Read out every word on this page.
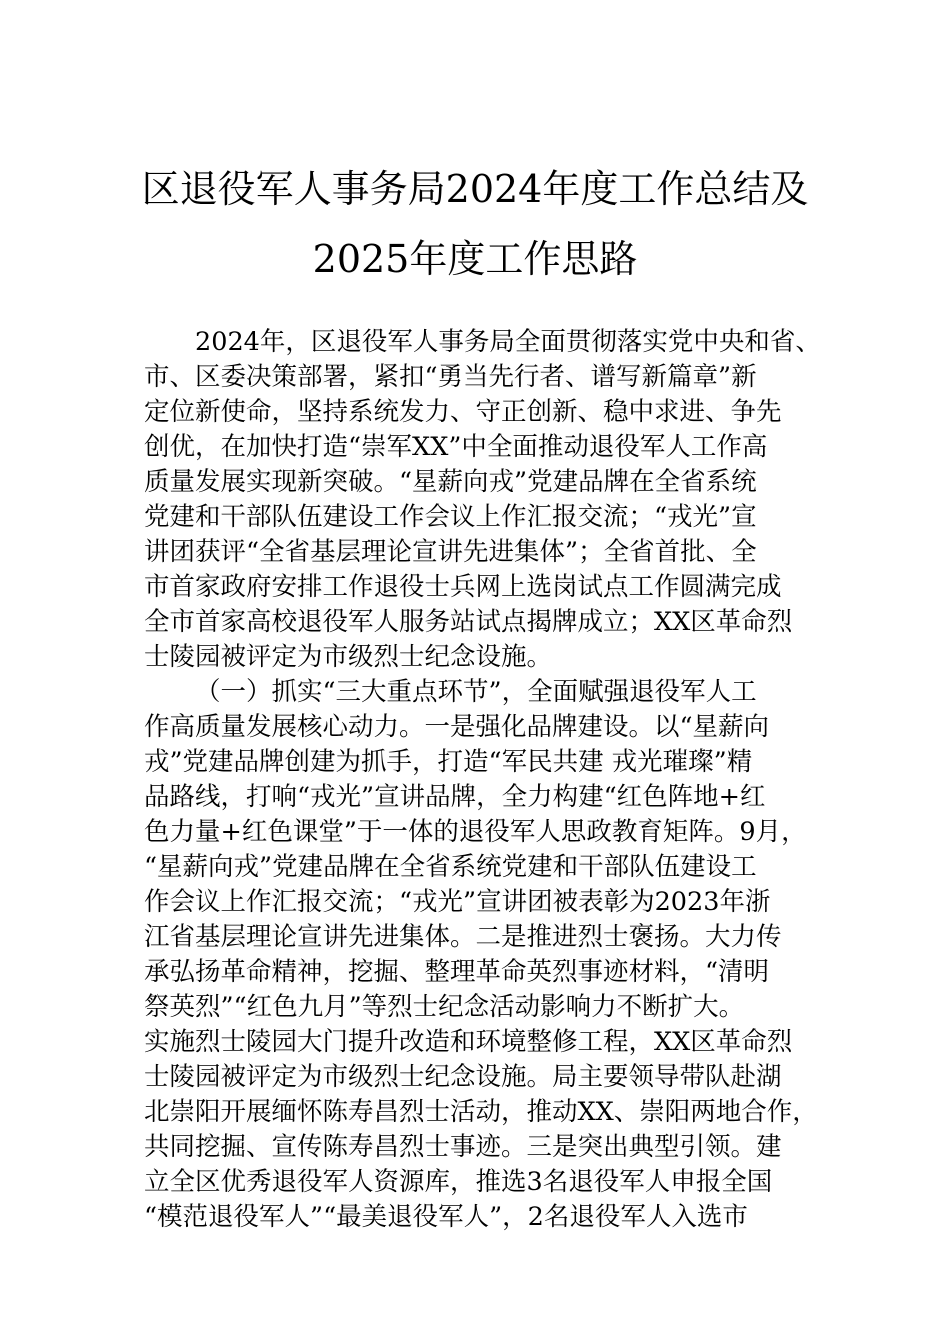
区退役军人事务局2024年度工作总结及
2025年度工作思路
2024年，区退役军人事务局全面贯彻落实党中央和省、
市、区委决策部署，紧扣“勇当先行者、谱写新篇章”新
定位新使命，坚持系统发力、守正创新、稳中求进、争先
创优，在加快打造“崇军XX”中全面推动退役军人工作高
质量发展实现新突破。“星薪向戎”党建品牌在全省系统
党建和干部队伍建设工作会议上作汇报交流；“戎光”宣
讲团获评“全省基层理论宣讲先进集体”；全省首批、全
市首家政府安排工作退役士兵网上选岗试点工作圆满完成
全市首家高校退役军人服务站试点揭牌成立；XX区革命烈
士陵园被评定为市级烈士纪念设施。
（一）抓实“三大重点环节”，全面赋强退役军人工
作高质量发展核心动力。一是强化品牌建设。以“星薪向
戎”党建品牌创建为抓手，打造“军民共建 戎光璀璨”精
品路线，打响“戎光”宣讲品牌，全力构建“红色阵地+红
色力量+红色课堂”于一体的退役军人思政教育矩阵。9月，
“星薪向戎”党建品牌在全省系统党建和干部队伍建设工
作会议上作汇报交流；“戎光”宣讲团被表彰为2023年浙
江省基层理论宣讲先进集体。二是推进烈士褒扬。大力传
承弘扬革命精神，挖掘、整理革命英烈事迹材料，“清明
祭英烈”“红色九月”等烈士纪念活动影响力不断扩大。
实施烈士陵园大门提升改造和环境整修工程，XX区革命烈
士陵园被评定为市级烈士纪念设施。局主要领导带队赴湖
北崇阳开展缅怀陈寿昌烈士活动，推动XX、崇阳两地合作，
共同挖掘、宣传陈寿昌烈士事迹。三是突出典型引领。建
立全区优秀退役军人资源库，推选3名退役军人申报全国
“模范退役军人”“最美退役军人”，2名退役军人入选市
